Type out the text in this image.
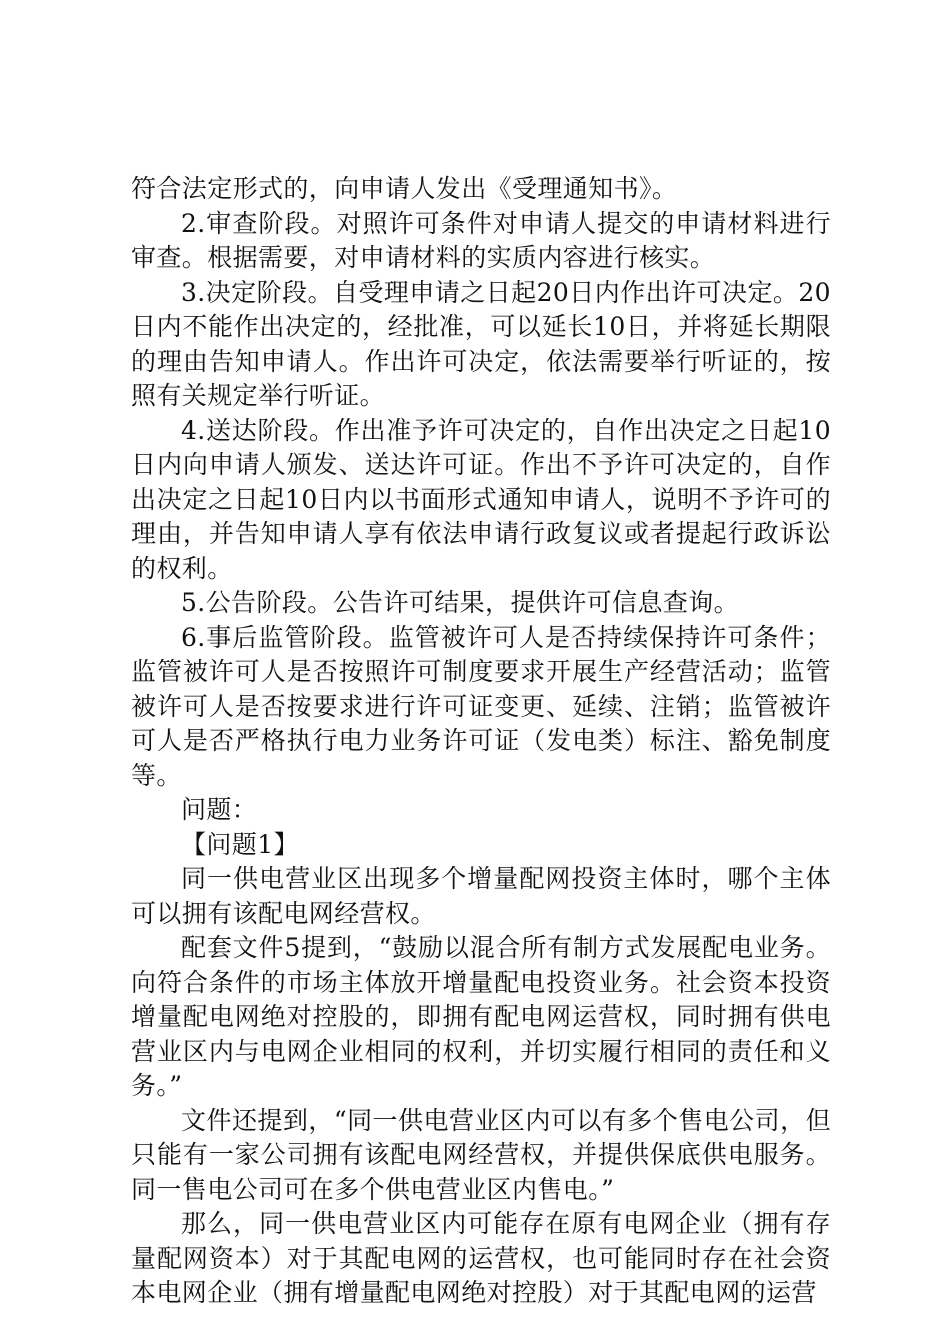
符合法定形式的，向申请人发出《受理通知书》。

2.审查阶段。对照许可条件对申请人提交的申请材料进行审查。根据需要，对申请材料的实质内容进行核实。

3.决定阶段。自受理申请之日起20日内作出许可决定。20日内不能作出决定的，经批准，可以延长10日，并将延长期限的理由告知申请人。作出许可决定，依法需要举行听证的，按照有关规定举行听证。

4.送达阶段。作出准予许可决定的，自作出决定之日起10日内向申请人颁发、送达许可证。作出不予许可决定的，自作出决定之日起10日内以书面形式通知申请人，说明不予许可的理由，并告知申请人享有依法申请行政复议或者提起行政诉讼的权利。

5.公告阶段。公告许可结果，提供许可信息查询。

6.事后监管阶段。监管被许可人是否持续保持许可条件；监管被许可人是否按照许可制度要求开展生产经营活动；监管被许可人是否按要求进行许可证变更、延续、注销；监管被许可人是否严格执行电力业务许可证（发电类）标注、豁免制度等。

问题：

【问题1】

同一供电营业区出现多个增量配网投资主体时，哪个主体可以拥有该配电网经营权。

配套文件5提到，“鼓励以混合所有制方式发展配电业务。向符合条件的市场主体放开增量配电投资业务。社会资本投资增量配电网绝对控股的，即拥有配电网运营权，同时拥有供电营业区内与电网企业相同的权利，并切实履行相同的责任和义务。”

文件还提到，“同一供电营业区内可以有多个售电公司，但只能有一家公司拥有该配电网经营权，并提供保底供电服务。同一售电公司可在多个供电营业区内售电。”

那么，同一供电营业区内可能存在原有电网企业（拥有存量配网资本）对于其配电网的运营权，也可能同时存在社会资本电网企业（拥有增量配电网绝对控股）对于其配电网的运营
